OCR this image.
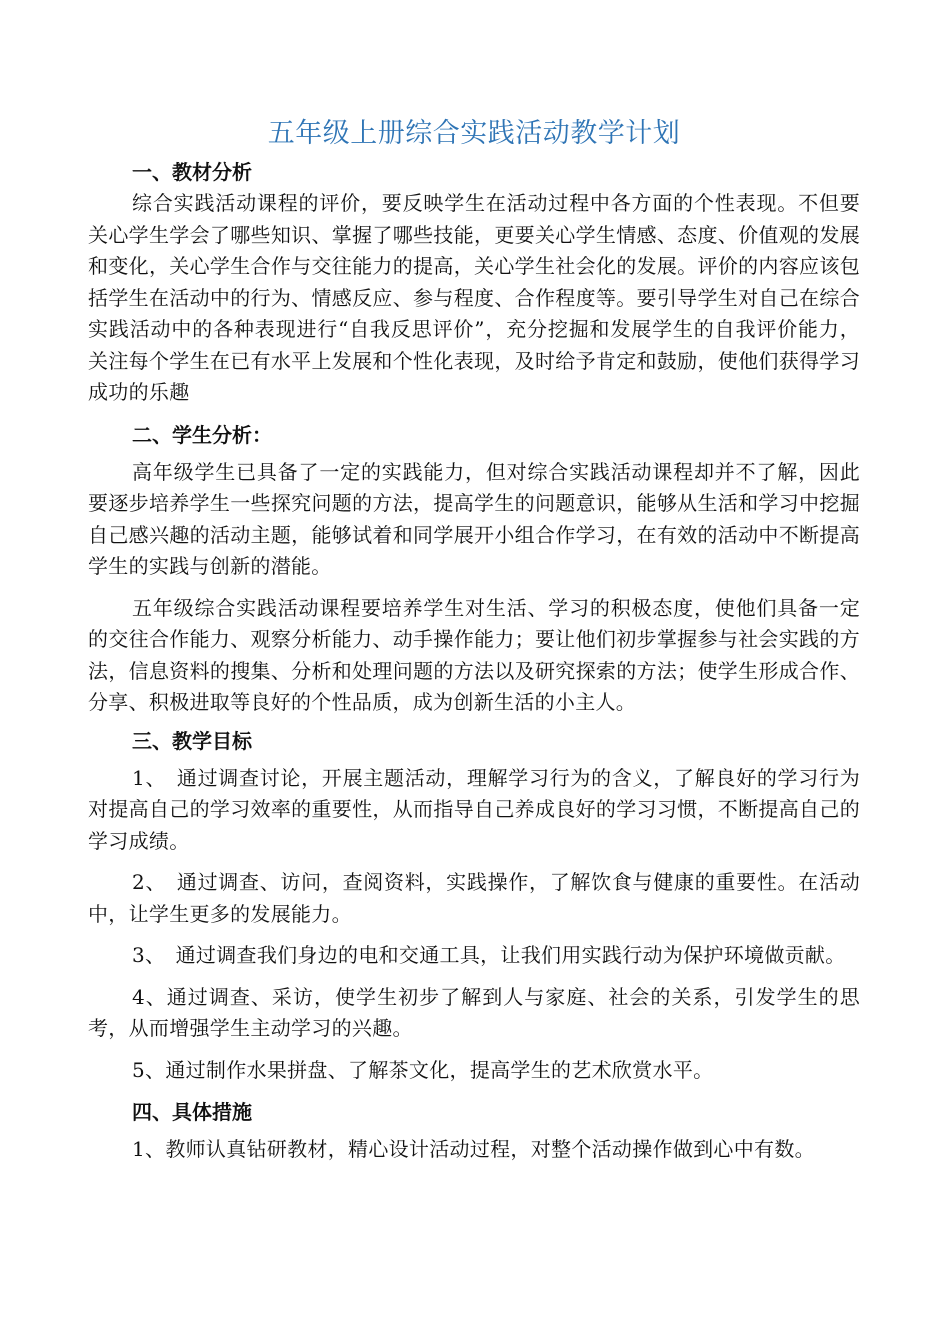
五年级上册综合实践活动教学计划
一、教材分析

综合实践活动课程的评价，要反映学生在活动过程中各方面的个性表现。不但要关心学生学会了哪些知识、掌握了哪些技能，更要关心学生情感、态度、价值观的发展和变化，关心学生合作与交往能力的提高，关心学生社会化的发展。评价的内容应该包括学生在活动中的行为、情感反应、参与程度、合作程度等。要引导学生对自己在综合实践活动中的各种表现进行“自我反思评价”，充分挖掘和发展学生的自我评价能力，关注每个学生在已有水平上发展和个性化表现，及时给予肯定和鼓励，使他们获得学习成功的乐趣

二、学生分析：

高年级学生已具备了一定的实践能力，但对综合实践活动课程却并不了解，因此要逐步培养学生一些探究问题的方法，提高学生的问题意识，能够从生活和学习中挖掘自己感兴趣的活动主题，能够试着和同学展开小组合作学习，在有效的活动中不断提高学生的实践与创新的潜能。

五年级综合实践活动课程要培养学生对生活、学习的积极态度，使他们具备一定的交往合作能力、观察分析能力、动手操作能力；要让他们初步掌握参与社会实践的方法，信息资料的搜集、分析和处理问题的方法以及研究探索的方法；使学生形成合作、分享、积极进取等良好的个性品质，成为创新生活的小主人。

三、教学目标

1、　通过调查讨论，开展主题活动，理解学习行为的含义，了解良好的学习行为对提高自己的学习效率的重要性，从而指导自己养成良好的学习习惯，不断提高自己的学习成绩。

2、　通过调查、访问，查阅资料，实践操作，了解饮食与健康的重要性。在活动中，让学生更多的发展能力。

3、　通过调查我们身边的电和交通工具，让我们用实践行动为保护环境做贡献。

4、通过调查、采访，使学生初步了解到人与家庭、社会的关系，引发学生的思考，从而增强学生主动学习的兴趣。

5、通过制作水果拼盘、了解茶文化，提高学生的艺术欣赏水平。

四、具体措施

1、教师认真钻研教材，精心设计活动过程，对整个活动操作做到心中有数。
